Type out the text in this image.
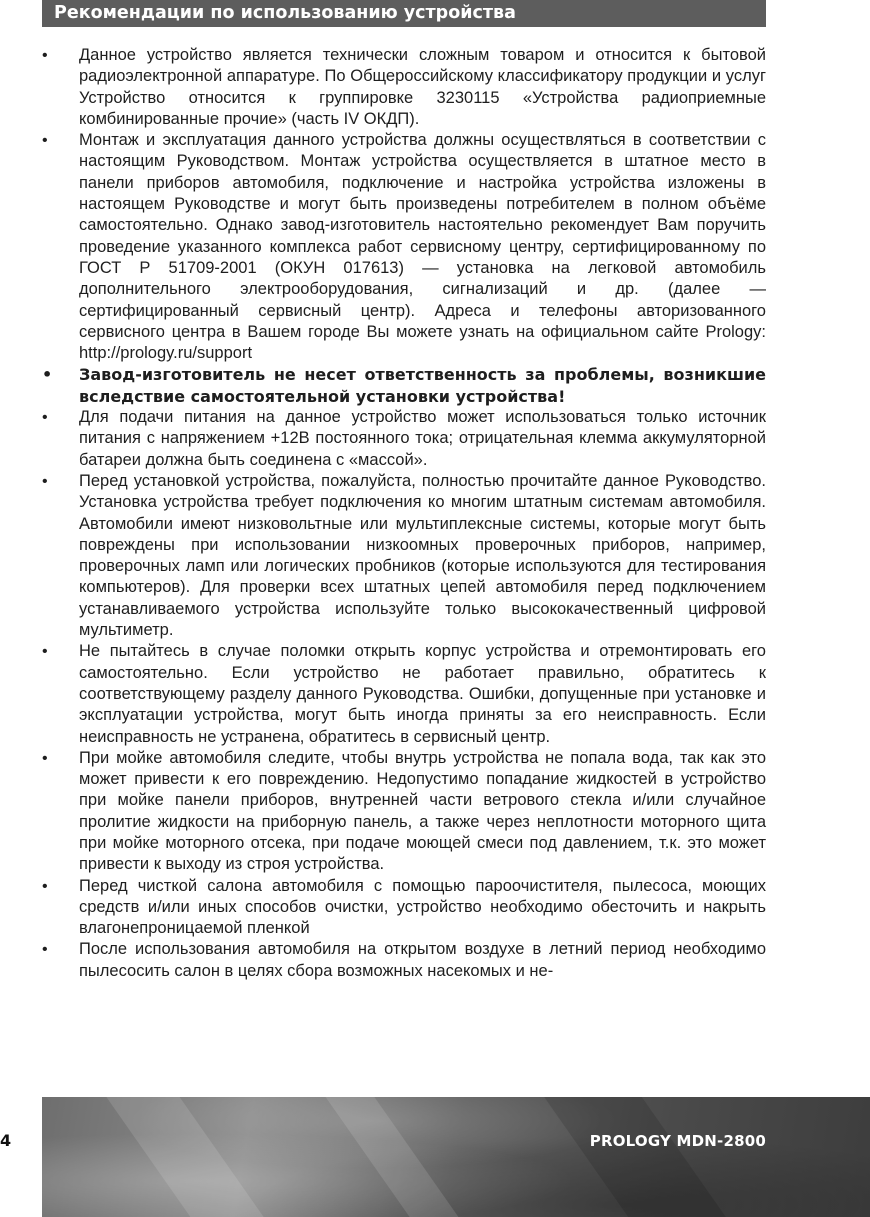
Рекомендации по использованию устройства
•	Данное устройство является технически сложным товаром и относится к бытовой радиоэлектронной аппаратуре. По Общероссийскому классификатору продукции и услуг Устройство относится к группировке 3230115 «Устройства радиоприемные комбинированные прочие» (часть IV ОКДП).
•	Монтаж и эксплуатация данного устройства должны осуществляться в соответствии с настоящим Руководством. Монтаж устройства осуществляется в штатное место в панели приборов автомобиля, подключение и настройка устройства изложены в настоящем Руководстве и могут быть произведены потребителем в полном объёме самостоятельно. Однако завод-изготовитель настоятельно рекомендует Вам поручить проведение указанного комплекса работ сервисному центру, сертифицированному по ГОСТ Р 51709-2001 (ОКУН 017613) — установка на легковой автомобиль дополнительного электрооборудования, сигнализаций и др. (далее — сертифицированный сервисный центр). Адреса и телефоны авторизованного сервисного центра в Вашем городе Вы можете узнать на официальном сайте Prology: http://prology.ru/support
• Завод-изготовитель не несет ответственность за проблемы, возникшие вследствие самостоятельной установки устройства!
•	Для подачи питания на данное устройство может использоваться только источник питания с напряжением +12В постоянного тока; отрицательная клемма аккумуляторной батареи должна быть соединена с «массой».
•	Перед установкой устройства, пожалуйста, полностью прочитайте данное Руководство. Установка устройства требует подключения ко многим штатным системам автомобиля. Автомобили имеют низковольтные или мультиплексные системы, которые могут быть повреждены при использовании низкоомных проверочных приборов, например, проверочных ламп или логических пробников (которые используются для тестирования компьютеров). Для проверки всех штатных цепей автомобиля перед подключением устанавливаемого устройства используйте только высококачественный цифровой мультиметр.
•	Не пытайтесь в случае поломки открыть корпус устройства и отремонтировать его самостоятельно. Если устройство не работает правильно, обратитесь к соответствующему разделу данного Руководства. Ошибки, допущенные при установке и эксплуатации устройства, могут быть иногда приняты за его неисправность. Если неисправность не устранена, обратитесь в сервисный центр.
•	При мойке автомобиля следите, чтобы внутрь устройства не попала вода, так как это может привести к его повреждению. Недопустимо попадание жидкостей в устройство при мойке панели приборов, внутренней части ветрового стекла и/или случайное пролитие жидкости на приборную панель, а также через неплотности моторного щита при мойке моторного отсека, при подаче моющей смеси под давлением, т.к. это может привести к выходу из строя устройства.
•	Перед чисткой салона автомобиля с помощью пароочистителя, пылесоса, моющих средств и/или иных способов очистки, устройство необходимо обесточить и накрыть влагонепроницаемой пленкой
•	После использования автомобиля на открытом воздухе в летний период необходимо пылесосить салон в целях сбора возможных насекомых и не-
4	PROLOGY MDN-2800
